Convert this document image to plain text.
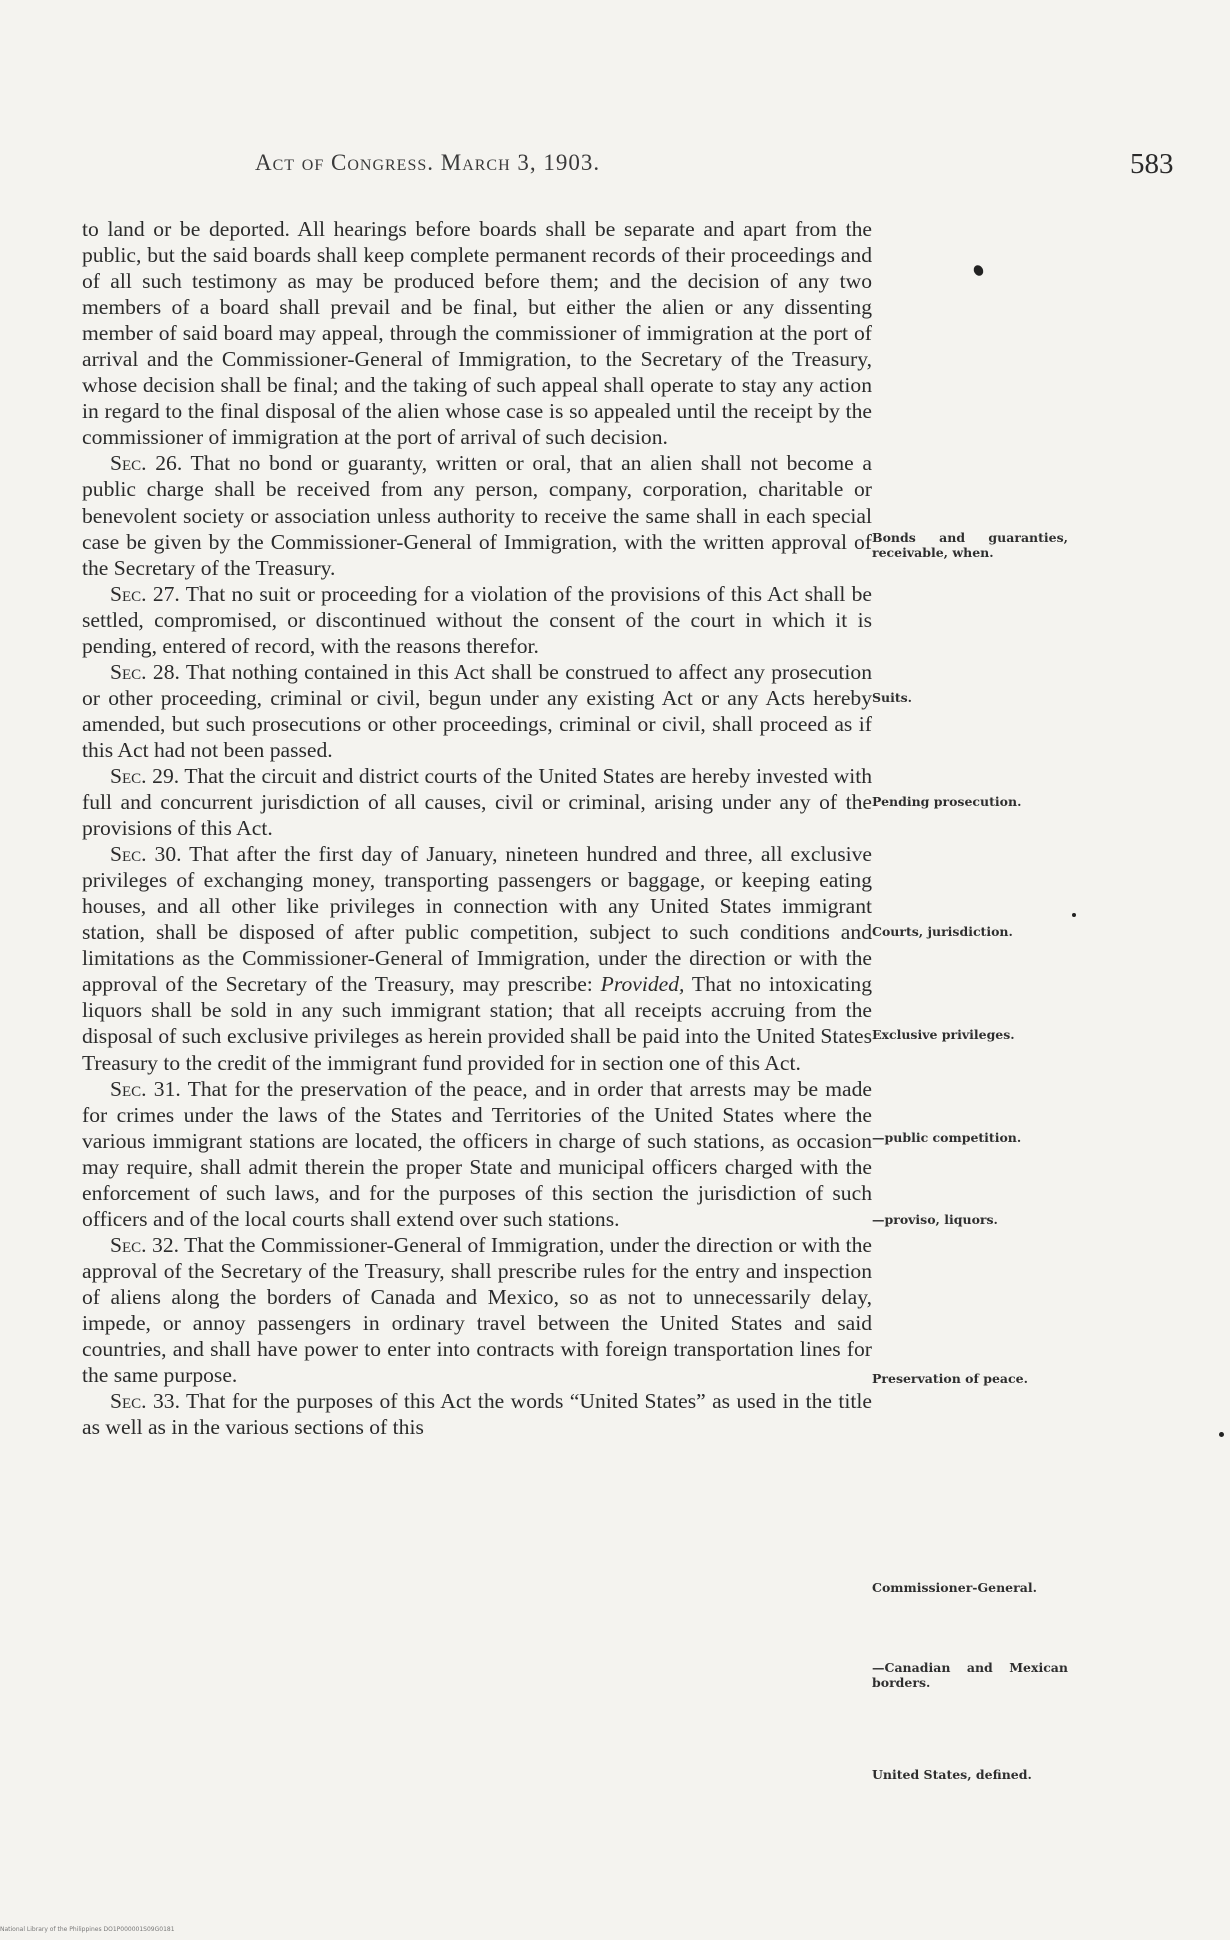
Act of Congress. March 3, 1903.	583

to land or be deported. All hearings before boards shall be separate and apart from the public, but the said boards shall keep complete permanent records of their proceedings and of all such testimony as may be produced before them; and the decision of any two members of a board shall prevail and be final, but either the alien or any dissenting member of said board may appeal, through the commissioner of immigration at the port of arrival and the Commissioner-General of Immigration, to the Secretary of the Treasury, whose decision shall be final; and the taking of such appeal shall operate to stay any action in regard to the final disposal of the alien whose case is so appealed until the receipt by the commissioner of immigration at the port of arrival of such decision.

Sec. 26. That no bond or guaranty, written or oral, that an alien shall not become a public charge shall be received from any person, company, corporation, charitable or benevolent society or association unless authority to receive the same shall in each special case be given by the Commissioner-General of Immigration, with the written approval of the Secretary of the Treasury.

Sec. 27. That no suit or proceeding for a violation of the provisions of this Act shall be settled, compromised, or discontinued without the consent of the court in which it is pending, entered of record, with the reasons therefor.

Sec. 28. That nothing contained in this Act shall be construed to affect any prosecution or other proceeding, criminal or civil, begun under any existing Act or any Acts hereby amended, but such prosecutions or other proceedings, criminal or civil, shall proceed as if this Act had not been passed.

Sec. 29. That the circuit and district courts of the United States are hereby invested with full and concurrent jurisdiction of all causes, civil or criminal, arising under any of the provisions of this Act.

Sec. 30. That after the first day of January, nineteen hundred and three, all exclusive privileges of exchanging money, transporting passengers or baggage, or keeping eating houses, and all other like privileges in connection with any United States immigrant station, shall be disposed of after public competition, subject to such conditions and limitations as the Commissioner-General of Immigration, under the direction or with the approval of the Secretary of the Treasury, may prescribe: Provided, That no intoxicating liquors shall be sold in any such immigrant station; that all receipts accruing from the disposal of such exclusive privileges as herein provided shall be paid into the United States Treasury to the credit of the immigrant fund provided for in section one of this Act.

Sec. 31. That for the preservation of the peace, and in order that arrests may be made for crimes under the laws of the States and Territories of the United States where the various immigrant stations are located, the officers in charge of such stations, as occasion may require, shall admit therein the proper State and municipal officers charged with the enforcement of such laws, and for the purposes of this section the jurisdiction of such officers and of the local courts shall extend over such stations.

Sec. 32. That the Commissioner-General of Immigration, under the direction or with the approval of the Secretary of the Treasury, shall prescribe rules for the entry and inspection of aliens along the borders of Canada and Mexico, so as not to unnecessarily delay, impede, or annoy passengers in ordinary travel between the United States and said countries, and shall have power to enter into contracts with foreign transportation lines for the same purpose.

Sec. 33. That for the purposes of this Act the words “United States” as used in the title as well as in the various sections of this

Bonds and guaranties, receivable, when.
Suits.
Pending prosecution.
Courts, jurisdiction.
Exclusive privileges.
—public competition.
—proviso, liquors.
Preservation of peace.
Commissioner-General.
—Canadian and Mexican borders.
United States, defined.
National Library of the Philippines DO1P000001S09G0181
